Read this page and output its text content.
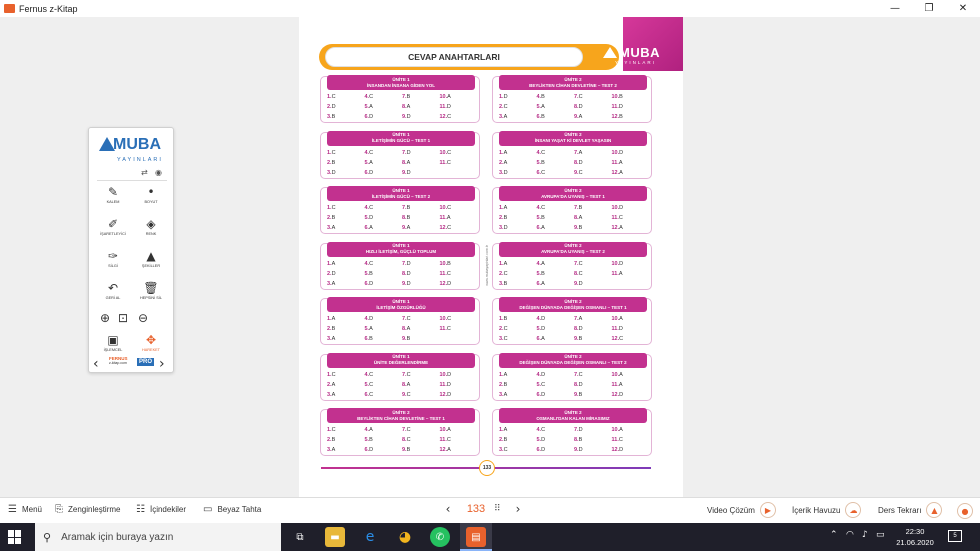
Fernus z-Kitap	—	❐	✕
CEVAP ANAHTARLARI	MUBA
YAYINLARI
www.mubayayinlari.com.tr
ÜNİTE 1
İNSANDAN İNSANA GİDEN YOL
1.C	4.C	7.B	10.A
2.D	5.A	8.A	11.D
3.B	6.D	9.D	12.C
ÜNİTE 1
İLETİŞİMİN GÜCÜ – TEST 1
1.C	4.C	7.D	10.C
2.B	5.A	8.A	11.C
3.D	6.D	9.D
ÜNİTE 1
İLETİŞİMİN GÜCÜ – TEST 2
1.C	4.C	7.B	10.C
2.B	5.D	8.B	11.A
3.A	6.A	9.A	12.C
ÜNİTE 1
HIZLI İLETİŞİM, GÜÇLÜ TOPLUM
1.A	4.C	7.D	10.B
2.D	5.B	8.D	11.C
3.A	6.D	9.D	12.D
ÜNİTE 1
İLETİŞİM ÖZGÜRLÜĞÜ
1.A	4.D	7.C	10.C
2.B	5.A	8.A	11.C
3.A	6.B	9.B
ÜNİTE 1
ÜNİTE DEĞERLENDİRME
1.C	4.C	7.C	10.D
2.A	5.C	8.A	11.D
3.A	6.C	9.C	12.D
ÜNİTE 2
BEYLİKTEN CİHAN DEVLETİNE – TEST 1
1.C	4.A	7.C	10.A
2.B	5.B	8.C	11.C
3.A	6.D	9.B	12.A
ÜNİTE 2
BEYLİKTEN CİHAN DEVLETİNE – TEST 2
1.D	4.B	7.C	10.B
2.C	5.A	8.D	11.D
3.A	6.B	9.A	12.B
ÜNİTE 2
İNSANI YAŞAT Kİ DEVLET YAŞASIN
1.A	4.C	7.A	10.D
2.A	5.B	8.D	11.A
3.D	6.C	9.C	12.A
ÜNİTE 2
AVRUPA'DA UYANIŞ – TEST 1
1.A	4.C	7.B	10.D
2.B	5.B	8.A	11.C
3.D	6.A	9.B	12.A
ÜNİTE 2
AVRUPA'DA UYANIŞ – TEST 2
1.A	4.A	7.C	10.D
2.C	5.B	8.C	11.A
3.B	6.A	9.D
ÜNİTE 2
DEĞİŞEN DÜNYADA DEĞİŞEN OSMANLI – TEST 1
1.B	4.D	7.A	10.A
2.C	5.D	8.D	11.D
3.C	6.A	9.B	12.C
ÜNİTE 2
DEĞİŞEN DÜNYADA DEĞİŞEN OSMANLI – TEST 2
1.A	4.D	7.C	10.A
2.B	5.C	8.D	11.A
3.A	6.D	9.B	12.D
ÜNİTE 2
OSMANLI'DAN KALAN MİRASIMIZ
1.A	4.C	7.D	10.A
2.B	5.D	8.B	11.C
3.C	6.D	9.D	12.D
133
MUBA
YAYINLARI
⇄ ◉
‹ FERNUS
z-kitap.com	PRO ›
✎
KALEM
•
BOYUT
✐
İŞARETLEYİCİ
◈
RENK
✑
SİLGİ
▲
ŞEKİLLER
↶
GERİ AL
🗑
HEPSİNİ SİL
⊕ ⊡ ⊖
▣
İŞLEMCEL
✥
HAREKET
☰ Menü ⎘ Zenginleştirme ☷ İçindekiler ▭ Beyaz Tahta	‹	133 ⠿	›	Video Çözüm	▶	İçerik Havuzu	☁	Ders Tekrarı	▲	●
⚲ Aramak için buraya yazın	⧉	▬	e	◕	✆	▤	⌃ ◠ ♪ ▭	22:30
21.06.2020
5
